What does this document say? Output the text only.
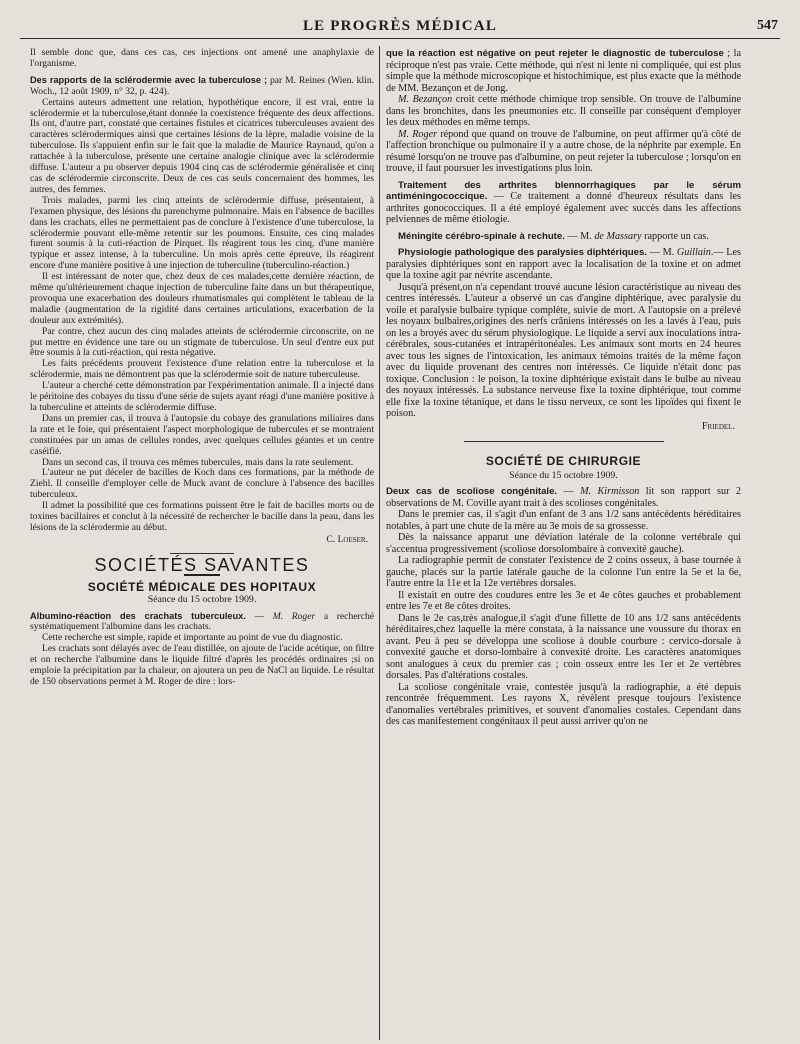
LE PROGRÈS MÉDICAL	547

Il semble donc que, dans ces cas, ces injections ont amené une anaphylaxie de l'organisme.

Des rapports de la sclérodermie avec la tuberculose ; par M. Reines (Wien. klin. Woch., 12 août 1909, n° 32, p. 424).

Certains auteurs admettent une relation, hypothétique encore, il est vrai, entre la sclérodermie et la tuberculose,étant donnée la coexistence fréquente des deux affections. Ils ont, d'autre part, constaté que certaines fistules et cicatrices tuberculeuses avaient des caractères sclérodermiques ainsi que certaines lésions de la lèpre, maladie voisine de la tuberculose. Ils s'appuient enfin sur le fait que la maladie de Maurice Raynaud, qu'on a rattachée à la tuberculose, présente une certaine analogie clinique avec la sclérodermie diffuse. L'auteur a pu observer depuis 1904 cinq cas de sclérodermie généralisée et cinq cas de sclérodermie circonscrite. Deux de ces cas seuls concernaient des hommes, les autres, des femmes.

Trois malades, parmi les cinq atteints de sclérodermie diffuse, présentaient, à l'examen physique, des lésions du parenchyme pulmonaire. Mais en l'absence de bacilles dans les crachats, elles ne permettaient pas de conclure à l'existence d'une tuberculose, la sclérodermie pouvant elle-même retentir sur les poumons. Ensuite, ces cinq malades furent soumis à la cuti-réaction de Pirquet. Ils réagirent tous les cinq, d'une manière typique et assez intense, à la tuberculine. Un mois après cette épreuve, ils réagirent encore d'une manière positive à une injection de tuberculine (tuberculino-réaction.)

Il est intéressant de noter que, chez deux de ces malades,cette dernière réaction, de même qu'ultérieurement chaque injection de tuberculine faite dans un but thérapeutique, provoqua une exacerbation des douleurs rhumatismales qui complètent le tableau de la maladie (augmentation de la rigidité dans certaines articulations, exacerbation de la douleur aux extrémités).

Par contre, chez aucun des cinq malades atteints de sclérodermie circonscrite, on ne put mettre en évidence une tare ou un stigmate de tuberculose. Un seul d'entre eux put être soumis à la cuti-réaction, qui resta négative.

Les faits précédents prouvent l'existence d'une relation entre la tuberculose et la sclérodermie, mais ne démontrent pas que la sclérodermie soit de nature tuberculeuse.

L'auteur a cherché cette démonstration par l'expérimentation animale. Il a injecté dans le péritoine des cobayes du tissu d'une série de sujets ayant réagi d'une manière positive à la tuberculine et atteints de sclérodermie diffuse.

Dans un premier cas, il trouva à l'autopsie du cobaye des granulations miliaires dans la rate et le foie, qui présentaient l'aspect morphologique de tubercules et se montraient constituées par un amas de cellules rondes, avec quelques cellules géantes et un centre caséifié.

Dans un second cas, il trouva ces mêmes tubercules, mais dans la rate seulement.

L'auteur ne put déceler de bacilles de Koch dans ces formations, par la méthode de Ziehl. Il conseille d'employer celle de Muck avant de conclure à l'absence des bacilles tuberculeux.

Il admet la possibilité que ces formations puissent être le fait de bacilles morts ou de toxines bacillaires et conclut à la nécessité de rechercher le bacille dans la peau, dans les lésions de la sclérodermie au début.

C. Loeser.

SOCIÉTÉS SAVANTES
SOCIÉTÉ MÉDICALE DES HOPITAUX
Séance du 15 octobre 1909.

Albumino-réaction des crachats tuberculeux. — M. Roger a recherché systématiquement l'albumine dans les crachats.

Cette recherche est simple, rapide et importante au point de vue du diagnostic.

Les crachats sont délayés avec de l'eau distillée, on ajoute de l'acide acétique, on filtre et on recherche l'albumine dans le liquide filtré d'après les procédés ordinaires ;si on emploie la précipitation par la chaleur, on ajoutera un peu de NaCl au liquide. Le résultat de 150 observations permet à M. Roger de dire : lors-

que la réaction est négative on peut rejeter le diagnostic de tuberculose ; la réciproque n'est pas vraie. Cette méthode, qui n'est ni lente ni compliquée, qui est plus simple que la méthode microscopique et histochimique, est plus exacte que la méthode de MM. Bezançon et de Jong.

M. Bezançon croit cette méthode chimique trop sensible. On trouve de l'albumine dans les bronchites, dans les pneumonies etc. Il conseille par conséquent d'employer les deux méthodes en même temps.

M. Roger répond que quand on trouve de l'albumine, on peut affirmer qu'à côté de l'affection bronchique ou pulmonaire il y a autre chose, de la néphrite par exemple. En résumé lorsqu'on ne trouve pas d'albumine, on peut rejeter la tuberculose ; lorsqu'on en trouve, il faut poursuer les investigations plus loin.

Traitement des arthrites blennorrhagiques par le sérum antiméningococcique. — Ce traitement a donné d'heureux résultats dans les arthrites gonococciques. Il a été employé également avec succès dans les affections pelviennes de même étiologie.

Méningite cérébro-spinale à rechute. — M. de Massary rapporte un cas.

Physiologie pathologique des paralysies diphtériques. — M. Guillain.— Les paralysies diphtériques sont en rapport avec la localisation de la toxine et on admet que la toxine agit par névrite ascendante.

Jusqu'à présent,on n'a cependant trouvé aucune lésion caractéristique au niveau des centres intéressés. L'auteur a observé un cas d'angine diphtérique, avec paralysie du voile et paralysie bulbaire typique complète, suivie de mort. A l'autopsie on a prélevé les noyaux bulbaires,origines des nerfs crâniens intéressés on les a lavés à l'eau, puis on les a broyés avec du sérum physiologique. Le liquide a servi aux inoculations intra-cérébrales, sous-cutanées et intrapéritonéales. Les animaux sont morts en 24 heures avec tous les signes de l'intoxication, les animaux témoins traités de la même façon avec du liquide provenant des centres non intéressés. Ce liquide n'était donc pas toxique. Conclusion : le poison, la toxine diphtérique existait dans le bulbe au niveau des noyaux intéressés. La substance nerveuse fixe la toxine diphtérique, tout comme elle fixe la toxine tétanique, et dans le tissu nerveux, ce sont les lipoïdes qui fixent le poison.

Friedel.

SOCIÉTÉ DE CHIRURGIE
Séance du 15 octobre 1909.

Deux cas de scoliose congénitale. — M. Kirmisson lit son rapport sur 2 observations de M. Coville ayant trait à des scolioses congénitales.

Dans le premier cas, il s'agit d'un enfant de 3 ans 1/2 sans antécédents héréditaires notables, à part une chute de la mère au 3e mois de sa grossesse.

Dès la naissance apparut une déviation latérale de la colonne vertébrale qui s'accentua progressivement (scoliose dorsolombaire à convexité gauche).

La radiographie permit de constater l'existence de 2 coins osseux, à base tournée à gauche, placés sur la partie latérale gauche de la colonne l'un entre la 5e et la 6e, l'autre entre la 11e et la 12e vertèbres dorsales.

Il existait en outre des coudures entre les 3e et 4e côtes gauches et probablement entre les 7e et 8e côtes droites.

Dans le 2e cas,très analogue,il s'agit d'une fillette de 10 ans 1/2 sans antécédents héréditaires,chez laquelle la mère constata, à la naissance une voussure du thorax en avant. Peu à peu se développa une scoliose à double courbure : cervico-dorsale à convexité gauche et dorso-lombaire à convexité droite. Les caractères anatomiques sont analogues à ceux du premier cas ; coin osseux entre les 1er et 2e vertèbres dorsales. Pas d'altérations costales.

La scoliose congénitale vraie, contestée jusqu'à la radiographie, a été depuis rencontrée fréquemment. Les rayons X, révèlent presque toujours l'existence d'anomalies vertébrales primitives, et souvent d'anomalies costales. Cependant dans des cas manifestement congénitaux il peut aussi arriver qu'on ne
